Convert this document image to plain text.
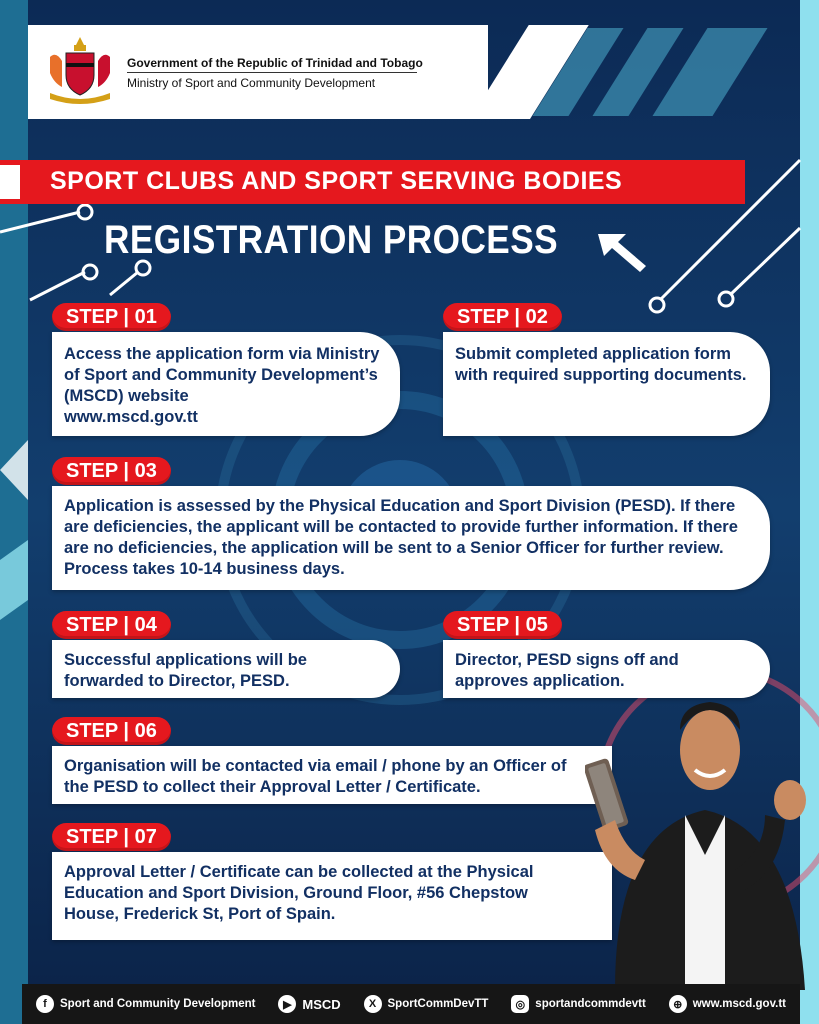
Government of the Republic of Trinidad and Tobago
Ministry of Sport and Community Development
SPORT CLUBS AND SPORT SERVING BODIES
REGISTRATION PROCESS

Access the application form via Ministry of Sport and Community Development’s (MSCD) website

www.mscd.gov.tt
STEP | 01

Submit completed application form with required supporting documents.

STEP | 02

Application is assessed by the Physical Education and Sport Division (PESD). If there are deficiencies, the applicant will be contacted to provide further information. If there are no deficiencies, the application will be sent to a Senior Officer for further review. Process takes 10-14 business days.

STEP | 03

Successful applications will be forwarded to Director, PESD.

STEP | 04

Director, PESD signs off and approves application.

STEP | 05

Organisation will be contacted via email / phone by an Officer of the PESD to collect their Approval Letter / Certificate.

STEP | 06

Approval Letter / Certificate can be collected at the Physical Education and Sport Division, Ground Floor, #56 Chepstow House, Frederick St, Port of Spain.

STEP | 07
f	Sport and Community Development	▶ MSCD	X SportCommDevTT	◎ sportandcommdevtt	⊕ www.mscd.gov.tt
